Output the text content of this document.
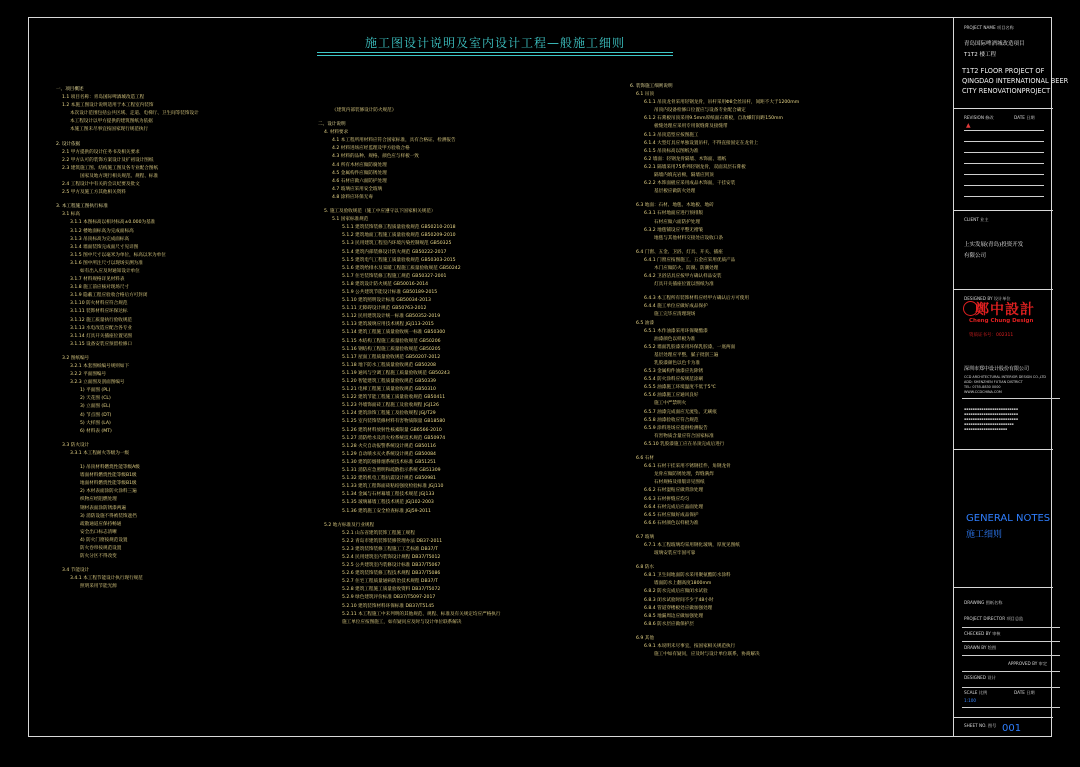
施工图设计说明及室内设计工程—般施工细则
一、项目概述
1.1 项目名称：青岛国际啤酒城改造工程
1.2 本施工图设计说明适用于本工程室内装饰
本次设计范围包括公共区域、走道、电梯厅、卫生间等装饰设计
本工程设计以甲方提供的建筑图纸为依据
本施工图未尽事宜按国家现行规范执行
2. 设计依据
2.1 甲方提供的设计任务书及相关要求
2.2 甲方认可的装饰方案设计及扩初设计图纸
2.3 建筑施工图、结构施工图及各专业配合图纸
国家及地方现行相关规范、规程、标准
2.4 工程设计中有关的会议纪要及批文
2.5 甲方及施工方其他相关资料
3. 本工程施工图执行标准
3.1 标高
3.1.1 本图标高以相对标高±0.000为基准
3.1.2 楼地面标高为完成面标高
3.1.3 吊顶标高为完成面标高
3.1.4 墙面装饰完成面尺寸见详图
3.1.5 图中尺寸以毫米为单位，标高以米为单位
3.1.6 图中所注尺寸以现场实测为准
如有出入应及时通知设计单位
3.1.7 材料规格详见材料表
3.1.8 施工前应核对现场尺寸
3.1.9 隐蔽工程应验收合格后方可封闭
3.1.10 防火材料应符合规范
3.1.11 装饰材料应环保达标
3.1.12 施工质量执行验收规范
3.1.13 水电改造应配合各专业
3.1.14 灯具开关插座位置见图
3.1.15 设备安装应预留检修口
3.2 图纸编号
3.2.1 本套图纸编号规则如下
3.2.2 平面图编号
3.2.3 立面图及剖面图编号
1) 平面图 (PL)
2) 天花图 (CL)
3) 立面图 (EL)
4) 节点图 (DT)
5) 大样图 (LA)
6) 材料表 (MT)
3.3 防火设计
3.3.1 本工程耐火等级为一级
1) 吊顶材料燃烧性能等级A级
墙面材料燃烧性能等级B1级
地面材料燃烧性能等级B1级
2) 木材表面涂防火涂料三遍
织物应经阻燃处理
钢材表面涂防锈漆两遍
3) 消防设施不得被装饰遮挡
疏散通道应保持畅通
安全出口标志清晰
4) 防火门窗按规范设置
防火卷帘按规范设置
防火分区不得改变
3.4 节能设计
3.4.1 本工程节能设计执行现行规范
照明采用节能光源
《建筑内部装修设计防火规范》
二、设计说明
4. 材料要求
4.1 本工程所用材料应符合国家标准，具有合格证、检测报告
4.2 材料进场应经监理及甲方验收合格
4.3 材料的品种、规格、颜色应与样板一致
4.4 所有木材应做防腐处理
4.5 金属构件应做防锈处理
4.6 石材应做六面防护处理
4.7 玻璃应采用安全玻璃
4.8 涂料应环保无毒
5. 施工及验收规范（施工中应遵守以下国家相关规范）
5.1 国家标准规范
5.1.1 建筑装饰装修工程质量验收规范 GB50210-2018
5.1.2 建筑地面工程施工质量验收规范 GB50209-2010
5.1.3 民用建筑工程室内环境污染控制规范 GB50325
5.1.4 建筑内部装修设计防火规范 GB50222-2017
5.1.5 建筑电气工程施工质量验收规范 GB50303-2015
5.1.6 建筑给排水及采暖工程施工质量验收规范 GB50242
5.1.7 住宅装饰装修工程施工规范 GB50327-2001
5.1.8 建筑设计防火规范 GB50016-2014
5.1.9 公共建筑节能设计标准 GB50189-2015
5.1.10 建筑照明设计标准 GB50034-2013
5.1.11 无障碍设计规范 GB50763-2012
5.1.12 民用建筑设计统一标准 GB50352-2019
5.1.13 建筑玻璃应用技术规程 JGJ113-2015
5.1.14 建筑工程施工质量验收统一标准 GB50300
5.1.15 木结构工程施工质量验收规范 GB50206
5.1.16 钢结构工程施工质量验收规范 GB50205
5.1.17 屋面工程质量验收规范 GB50207-2012
5.1.18 地下防水工程质量验收规范 GB50208
5.1.19 通风与空调工程施工质量验收规范 GB50243
5.1.20 智能建筑工程质量验收规范 GB50339
5.1.21 电梯工程施工质量验收规范 GB50310
5.1.22 建筑节能工程施工质量验收规范 GB50411
5.1.23 外墙饰面砖工程施工及验收规程 JGJ126
5.1.24 建筑涂饰工程施工及验收规程 JGJ/T29
5.1.25 室内装饰装修材料有害物质限量 GB18580
5.1.26 建筑材料放射性核素限量 GB6566-2010
5.1.27 消防给水及消火栓系统技术规范 GB50974
5.1.28 火灾自动报警系统设计规范 GB50116
5.1.29 自动喷水灭火系统设计规范 GB50084
5.1.30 建筑防烟排烟系统技术标准 GB51251
5.1.31 消防应急照明和疏散指示系统 GB51309
5.1.32 建筑机电工程抗震设计规范 GB50981
5.1.33 建筑工程饰面砖粘结强度检验标准 JGJ110
5.1.34 金属与石材幕墙工程技术规范 JGJ133
5.1.35 玻璃幕墙工程技术规范 JGJ102-2003
5.1.36 建筑施工安全检查标准 JGJ59-2011
5.2 地方标准及行业规程
5.2.1 山东省建筑装饰工程施工规程
5.2.2 青岛市建筑装饰装修管理办法 DB37-2011
5.2.3 建筑装饰装修工程施工工艺标准 DB37/T
5.2.4 民用建筑室内装饰设计规程 DB37/T5012
5.2.5 公共建筑室内装修设计标准 DB37/T5067
5.2.6 建筑装饰装修工程技术规程 DB37/T5086
5.2.7 住宅工程质量通病防治技术规程 DB37/T
5.2.8 建筑工程施工质量验收资料 DB37/T5072
5.2.9 绿色建筑评价标准 DB37/T5097-2017
5.2.10 建筑装饰材料环保标准 DB37/T5145
5.2.11 本工程施工中未列明的其他规范、规程、标准及有关规定均应严格执行
施工单位应按图施工，如有疑问应及时与设计单位联系解决
6. 装饰施工细则说明
6.1 吊顶
6.1.1 吊顶龙骨采用轻钢龙骨，吊杆采用Φ8全丝吊杆，间距不大于1200mm
吊顶内设备检修口位置应与设备专业配合确定
6.1.2 石膏板吊顶采用9.5mm厚纸面石膏板，自攻螺钉间距150mm
板缝处理应采用专用嵌缝膏及接缝带
6.1.3 吊顶造型应按图施工
6.1.4 大型灯具应单独设置吊杆，不得直接固定在龙骨上
6.1.5 吊顶标高以图纸为准
6.2 墙面：轻钢龙骨隔墙、木饰面、墙纸
6.2.1 隔墙采用75系列轻钢龙骨，双面双层石膏板
隔墙内填充岩棉，隔墙应到顶
6.2.2 木饰面板应采用成品木饰面，干挂安装
基层板应做防火处理
6.3 地面：石材、地毯、木地板、地砖
6.3.1 石材地面应进行预排版
石材应做六面防护处理
6.3.2 地毯铺设应平整无褶皱
地毯与其他材料交接处应设收口条
6.4 门窗、五金、卫浴、灯具、开关、插座
6.4.1 门窗应按图施工，五金应采用优质产品
木门应做防火、防腐、防潮处理
6.4.2 卫浴洁具应按甲方确认样品安装
灯具开关插座位置以图纸为准
6.4.3 本工程所有装饰材料应经甲方确认后方可使用
6.4.4 施工单位应做好成品保护
施工完毕应清理现场
6.5 油漆
6.5.1 木作油漆采用环保聚酯漆
油漆颜色以样板为准
6.5.2 墙面乳胶漆采用环保乳胶漆，一底两面
基层处理应平整，腻子批刮三遍
乳胶漆颜色以色卡为准
6.5.3 金属构件油漆应先除锈
6.5.4 防火涂料应按规范涂刷
6.5.5 油漆施工环境温度不低于5℃
6.5.6 油漆施工应通风良好
施工中严禁明火
6.5.7 油漆完成面应无流坠、无刷痕
6.5.8 油漆验收应符合规范
6.5.9 涂料进场应提供检测报告
有害物质含量应符合国家标准
6.5.10 乳胶漆施工应在吊顶完成后进行
6.6 石材
6.6.1 石材干挂采用不锈钢挂件，角钢龙骨
龙骨应做防锈处理，焊缝满焊
石材规格及排版详见图纸
6.6.2 石材湿贴应做背涂处理
6.6.3 石材拼缝应均匀
6.6.4 石材完成后应晶面处理
6.6.5 石材应做好成品保护
6.6.6 石材颜色以样板为准
6.7 玻璃
6.7.1 本工程玻璃均采用钢化玻璃，厚度见图纸
玻璃安装应牢固可靠
6.8 防水
6.8.1 卫生间地面防水采用聚氨酯防水涂料
墙面防水上翻高度1800mm
6.8.2 防水完成后应做闭水试验
6.8.3 闭水试验时间不少于48小时
6.8.4 管道穿楼板处应做加强处理
6.8.5 地漏周边应做加强处理
6.8.6 防水层应做保护层
6.9 其他
6.9.1 本说明未尽事宜，按国家相关规范执行
施工中如有疑问，应及时与设计单位联系，协商解决
PROJECT NAME 项目名称
青岛国际啤酒城改造项目
T1T2 楼工程
T1T2 FLOOR PROJECT OF
QINGDAO INTERNATIONAL BEER
CITY RENOVATIONPROJECT
REVISION 修改	DATE 日期
▲
CLIENT 业主
上实发展(青岛)投资开发
有限公司
DESIGNED BY 设计单位
深圳市郑中设计股份有限公司
CCD ARCHITECTURAL INTERIOR DESIGN CO.,LTD
ADD: SHENZHEN FUTIAN DISTRICT
TEL: 0755-8830 0000
WWW.CCDCHINA.COM
▪▪▪▪▪▪▪▪▪▪▪▪▪▪▪▪▪▪▪▪▪▪▪▪▪
▪▪▪▪▪▪▪▪▪▪▪▪▪▪▪▪▪▪▪▪▪▪▪▪▪
▪▪▪▪▪▪▪▪▪▪▪▪▪▪▪▪▪▪▪▪▪▪▪▪▪
▪▪▪▪▪▪▪▪▪▪▪▪▪▪▪▪▪▪▪▪▪▪▪
▪▪▪▪▪▪▪▪▪▪▪▪▪▪▪▪▪▪▪▪
DRAWING 图纸名称
PROJECT DIRECTOR 项目总监
CHECKED BY 审核
DRAWN BY 绘图
APPROVED BY 审定
DESIGNED 设计
SCALE 比例	DATE 日期
1:100
SHEET NO. 图号
鄭中設計
Cheng Chung Design
资质证书号：002311
GENERAL NOTES
施工细则
001
